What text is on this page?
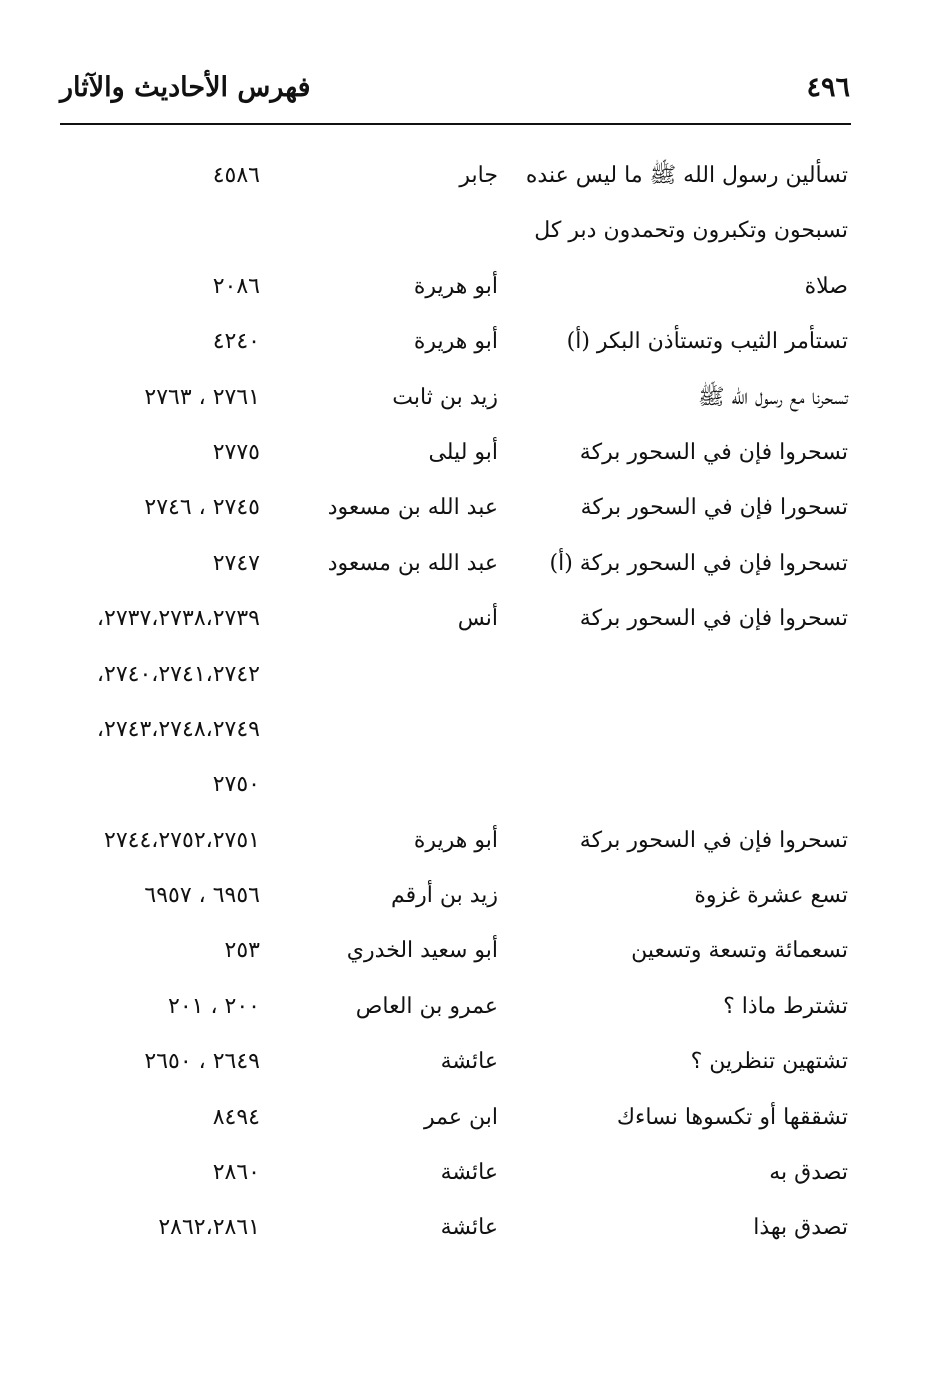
٤٩٦
فهرس الأحاديث والآثار
تسألين رسول الله ﷺ ما ليس عنده
جابر
٤٥٨٦
تسبحون وتكبرون وتحمدون دبر كل
صلاة
أبو هريرة
٢٠٨٦
تستأمر الثيب وتستأذن البكر (أ)
أبو هريرة
٤٢٤٠
تسحرنا مع رسول الله ﷺ
زيد بن ثابت
٢٧٦١ ، ٢٧٦٣
تسحروا فإن في السحور بركة
أبو ليلى
٢٧٧٥
تسحورا فإن في السحور بركة
عبد الله بن مسعود
٢٧٤٥ ، ٢٧٤٦
تسحروا فإن في السحور بركة (أ)
عبد الله بن مسعود
٢٧٤٧
تسحروا فإن في السحور بركة
أنس
٢٧٣٧،٢٧٣٨،٢٧٣٩،
٢٧٤٠،٢٧٤١،٢٧٤٢،
٢٧٤٣،٢٧٤٨،٢٧٤٩،
٢٧٥٠
تسحروا فإن في السحور بركة
أبو هريرة
٢٧٤٤،٢٧٥٢،٢٧٥١
تسع عشرة غزوة
زيد بن أرقم
٦٩٥٦ ، ٦٩٥٧
تسعمائة وتسعة وتسعين
أبو سعيد الخدري
٢٥٣
تشترط ماذا ؟
عمرو بن العاص
٢٠٠ ، ٢٠١
تشتهين تنظرين ؟
عائشة
٢٦٤٩ ، ٢٦٥٠
تشققها أو تكسوها نساءك
ابن عمر
٨٤٩٤
تصدق به
عائشة
٢٨٦٠
تصدق بهذا
عائشة
٢٨٦٢،٢٨٦١
